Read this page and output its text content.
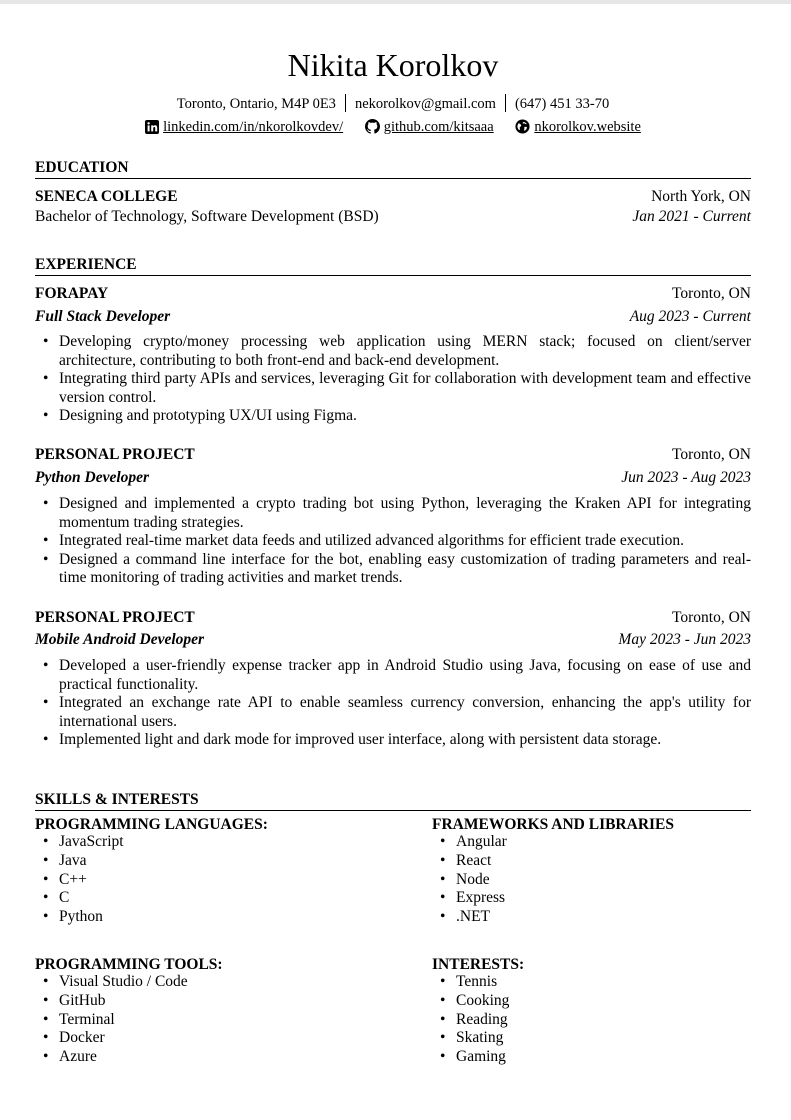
Nikita Korolkov
Toronto, Ontario, M4P 0E3 nekorolkov@gmail.com (647) 451 33-70
linkedin.com/in/nkorolkovdev/	github.com/kitsaaa	nkorolkov.website
EDUCATION
SENECA COLLEGE	North York, ON
Bachelor of Technology, Software Development (BSD)	Jan 2021 - Current
EXPERIENCE
FORAPAY	Toronto, ON
Full Stack Developer	Aug 2023 - Current
• Developing crypto/money processing web application using MERN stack; focused on client/server architecture, contributing to both front-end and back-end development.
• Integrating third party APIs and services, leveraging Git for collaboration with development team and effective version control.
• Designing and prototyping UX/UI using Figma.
PERSONAL PROJECT	Toronto, ON
Python Developer	Jun 2023 - Aug 2023
• Designed and implemented a crypto trading bot using Python, leveraging the Kraken API for integrating momentum trading strategies.
• Integrated real-time market data feeds and utilized advanced algorithms for efficient trade execution.
• Designed a command line interface for the bot, enabling easy customization of trading parameters and real-time monitoring of trading activities and market trends.
PERSONAL PROJECT	Toronto, ON
Mobile Android Developer	May 2023 - Jun 2023
• Developed a user-friendly expense tracker app in Android Studio using Java, focusing on ease of use and practical functionality.
• Integrated an exchange rate API to enable seamless currency conversion, enhancing the app's utility for international users.
• Implemented light and dark mode for improved user interface, along with persistent data storage.
SKILLS & INTERESTS
PROGRAMMING LANGUAGES:
• JavaScript
• Java
• C++
• C
• Python
FRAMEWORKS AND LIBRARIES
• Angular
• React
• Node
• Express
• .NET
PROGRAMMING TOOLS:
• Visual Studio / Code
• GitHub
• Terminal
• Docker
• Azure
INTERESTS:
• Tennis
• Cooking
• Reading
• Skating
• Gaming
